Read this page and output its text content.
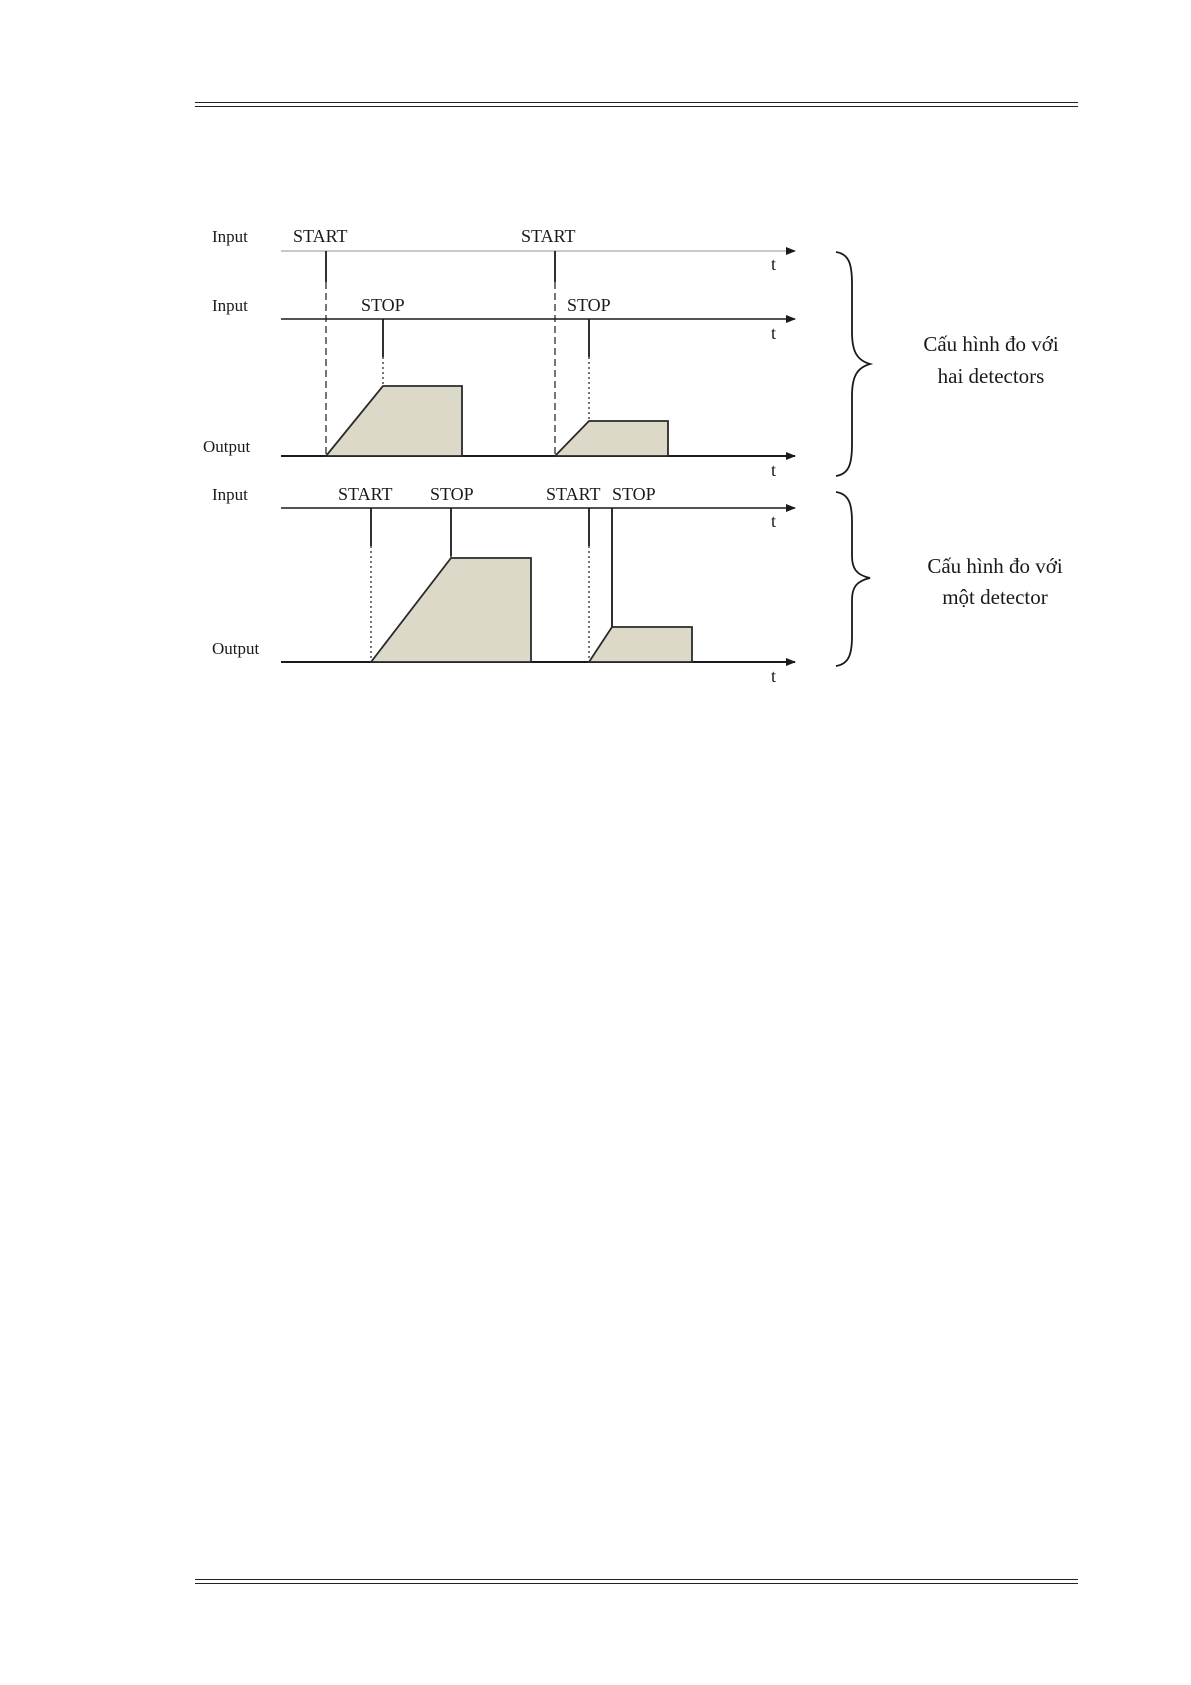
Input
Input
Output
Input
Output
START	START
STOP	STOP
START STOP	START STOP
t
t
t
t
t
Cấu hình đo với
hai detectors
Cấu hình đo với
một detector
